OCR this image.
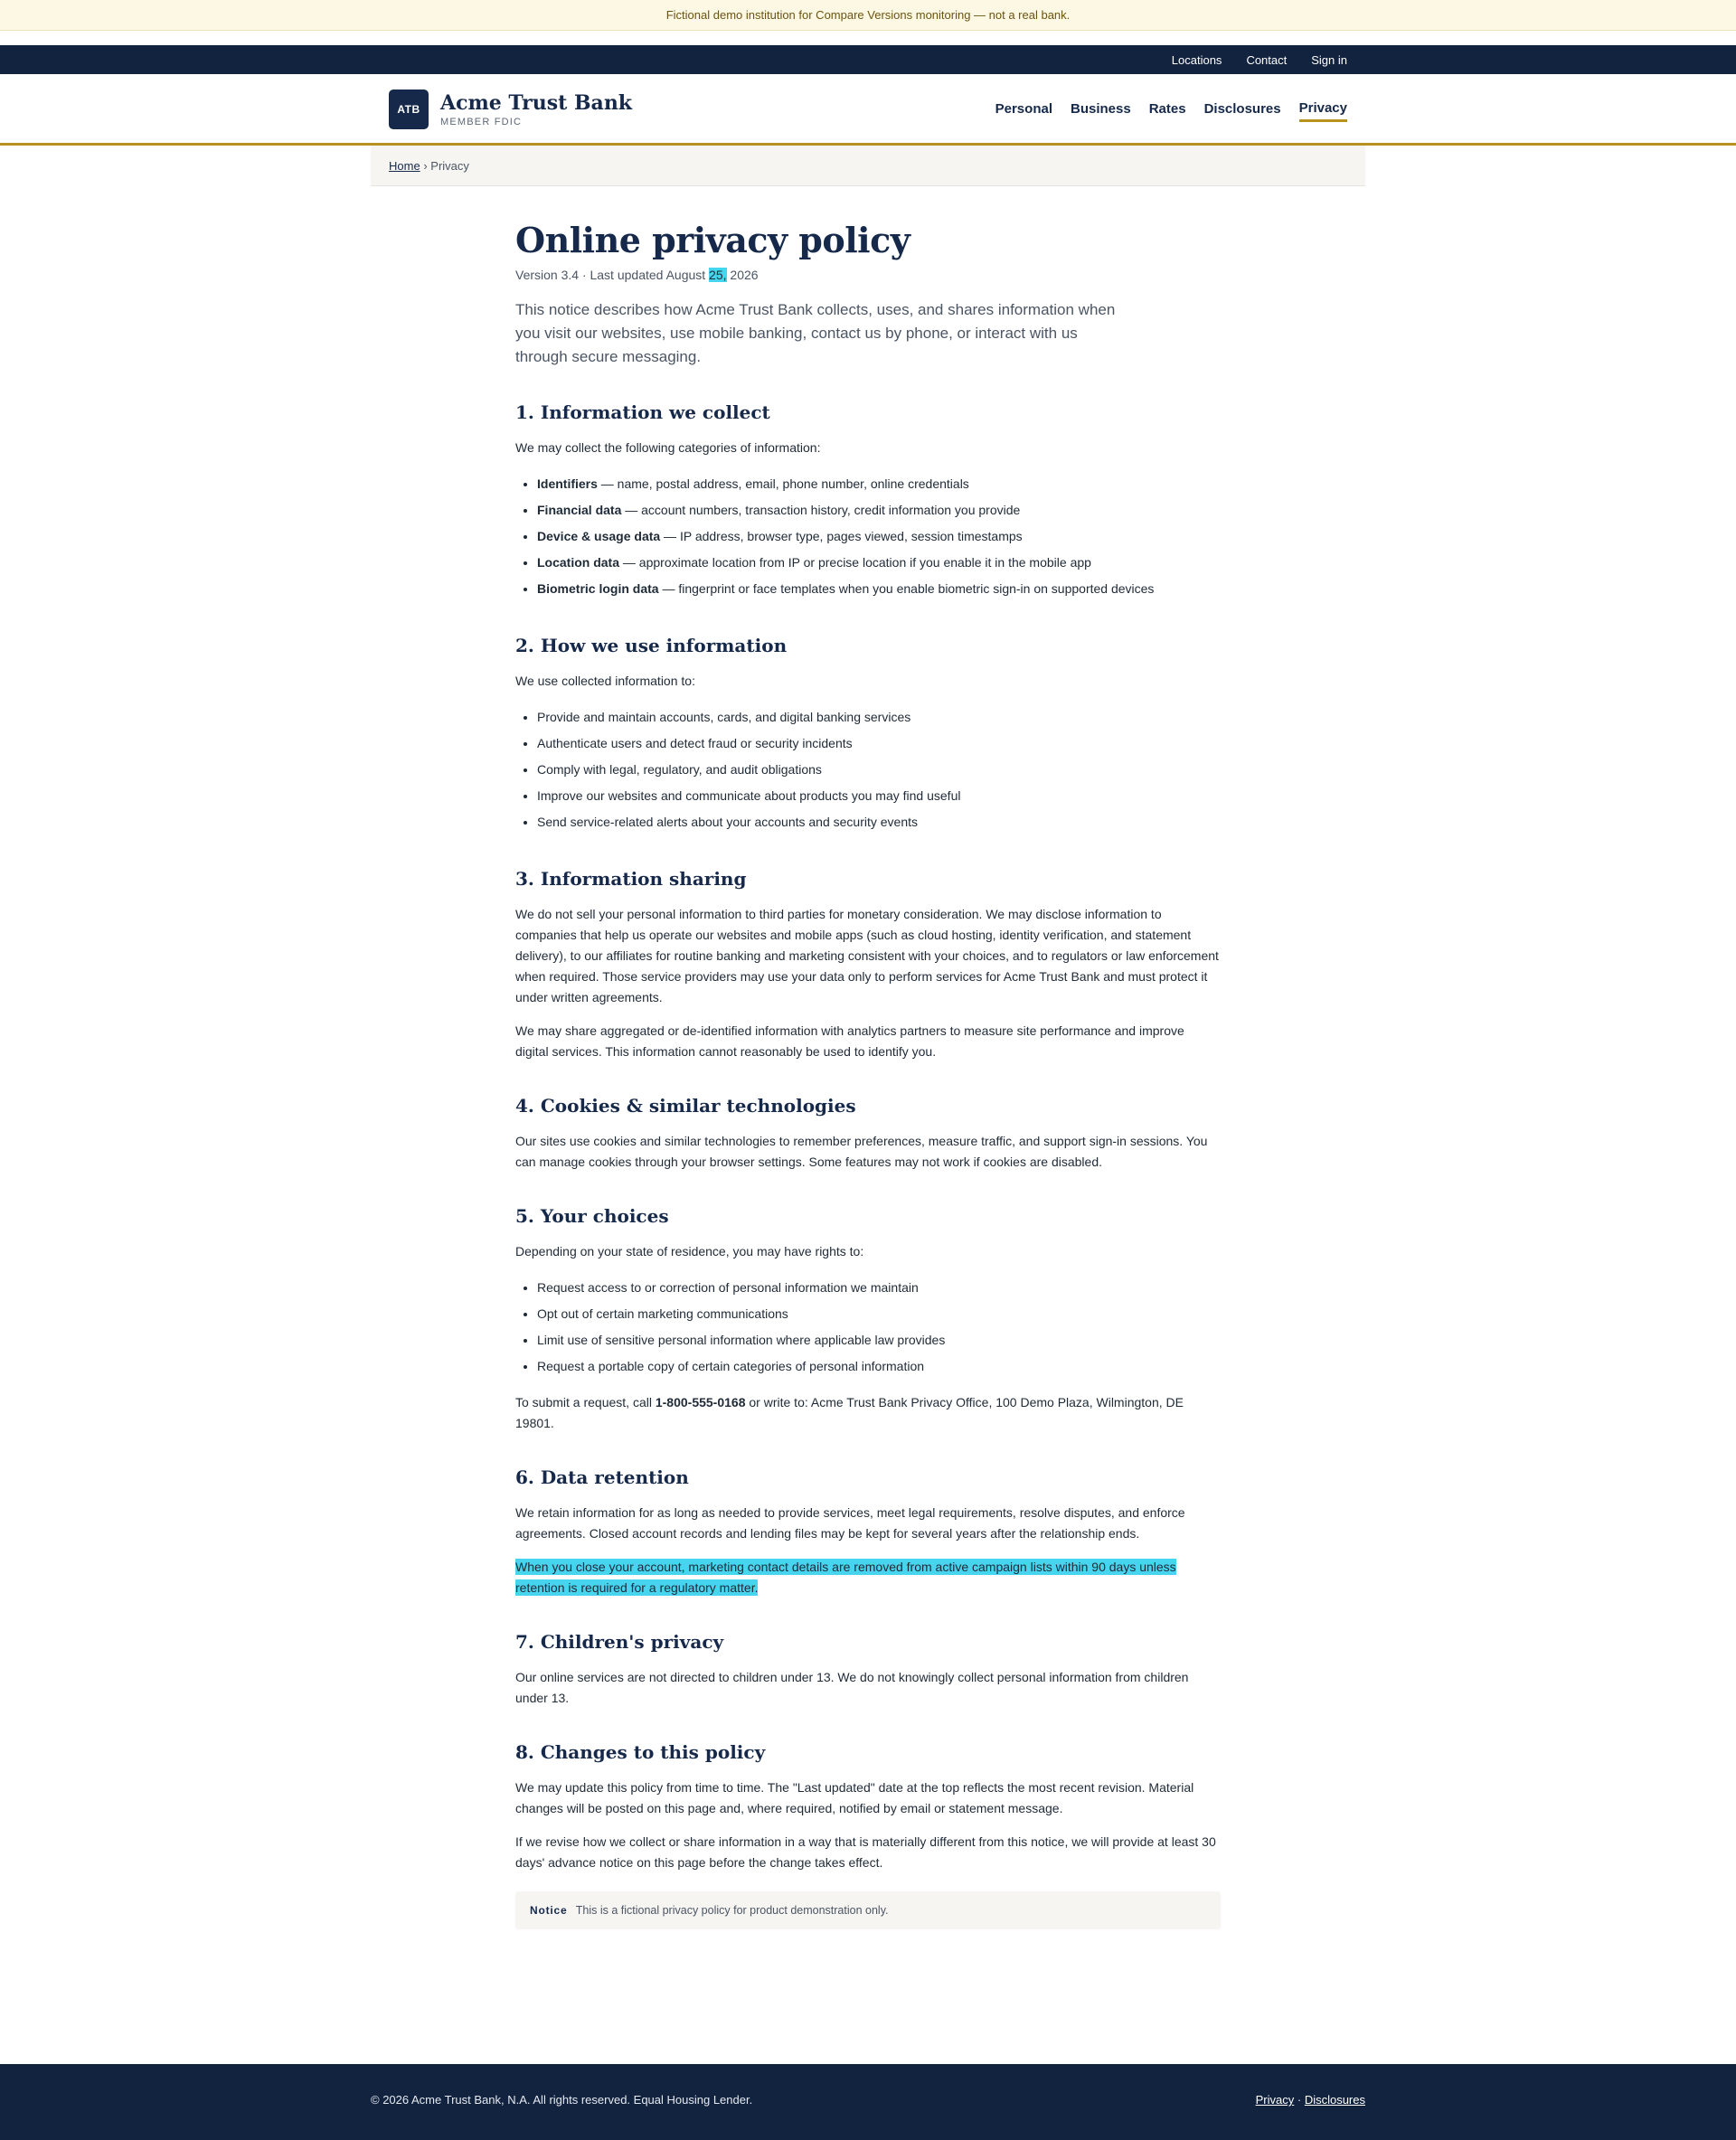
Fictional demo institution for Compare Versions monitoring — not a real bank.
Locations Contact Sign in
ATB	Acme Trust Bank
MEMBER FDIC
Personal Business Rates Disclosures Privacy
Home › Privacy
Online privacy policy
Version 3.4 · Last updated August 25, 2026

This notice describes how Acme Trust Bank collects, uses, and shares information when you visit our websites, use mobile banking, contact us by phone, or interact with us through secure messaging.

1. Information we collect

We may collect the following categories of information:

• Identifiers — name, postal address, email, phone number, online credentials
• Financial data — account numbers, transaction history, credit information you provide
• Device & usage data — IP address, browser type, pages viewed, session timestamps
• Location data — approximate location from IP or precise location if you enable it in the mobile app
• Biometric login data — fingerprint or face templates when you enable biometric sign-in on supported devices
2. How we use information

We use collected information to:

• Provide and maintain accounts, cards, and digital banking services
• Authenticate users and detect fraud or security incidents
• Comply with legal, regulatory, and audit obligations
• Improve our websites and communicate about products you may find useful
• Send service-related alerts about your accounts and security events
3. Information sharing

We do not sell your personal information to third parties for monetary consideration. We may disclose information to companies that help us operate our websites and mobile apps (such as cloud hosting, identity verification, and statement delivery), to our affiliates for routine banking and marketing consistent with your choices, and to regulators or law enforcement when required. Those service providers may use your data only to perform services for Acme Trust Bank and must protect it under written agreements.

We may share aggregated or de-identified information with analytics partners to measure site performance and improve digital services. This information cannot reasonably be used to identify you.

4. Cookies & similar technologies

Our sites use cookies and similar technologies to remember preferences, measure traffic, and support sign-in sessions. You can manage cookies through your browser settings. Some features may not work if cookies are disabled.

5. Your choices

Depending on your state of residence, you may have rights to:

• Request access to or correction of personal information we maintain
• Opt out of certain marketing communications
• Limit use of sensitive personal information where applicable law provides
• Request a portable copy of certain categories of personal information

To submit a request, call 1-800-555-0168 or write to: Acme Trust Bank Privacy Office, 100 Demo Plaza, Wilmington, DE 19801.

6. Data retention

We retain information for as long as needed to provide services, meet legal requirements, resolve disputes, and enforce agreements. Closed account records and lending files may be kept for several years after the relationship ends.

When you close your account, marketing contact details are removed from active campaign lists within 90 days unless retention is required for a regulatory matter.

7. Children's privacy

Our online services are not directed to children under 13. We do not knowingly collect personal information from children under 13.

8. Changes to this policy

We may update this policy from time to time. The "Last updated" date at the top reflects the most recent revision. Material changes will be posted on this page and, where required, notified by email or statement message.

If we revise how we collect or share information in a way that is materially different from this notice, we will provide at least 30 days' advance notice on this page before the change takes effect.

Notice This is a fictional privacy policy for product demonstration only.
© 2026 Acme Trust Bank, N.A. All rights reserved. Equal Housing Lender.	Privacy · Disclosures
